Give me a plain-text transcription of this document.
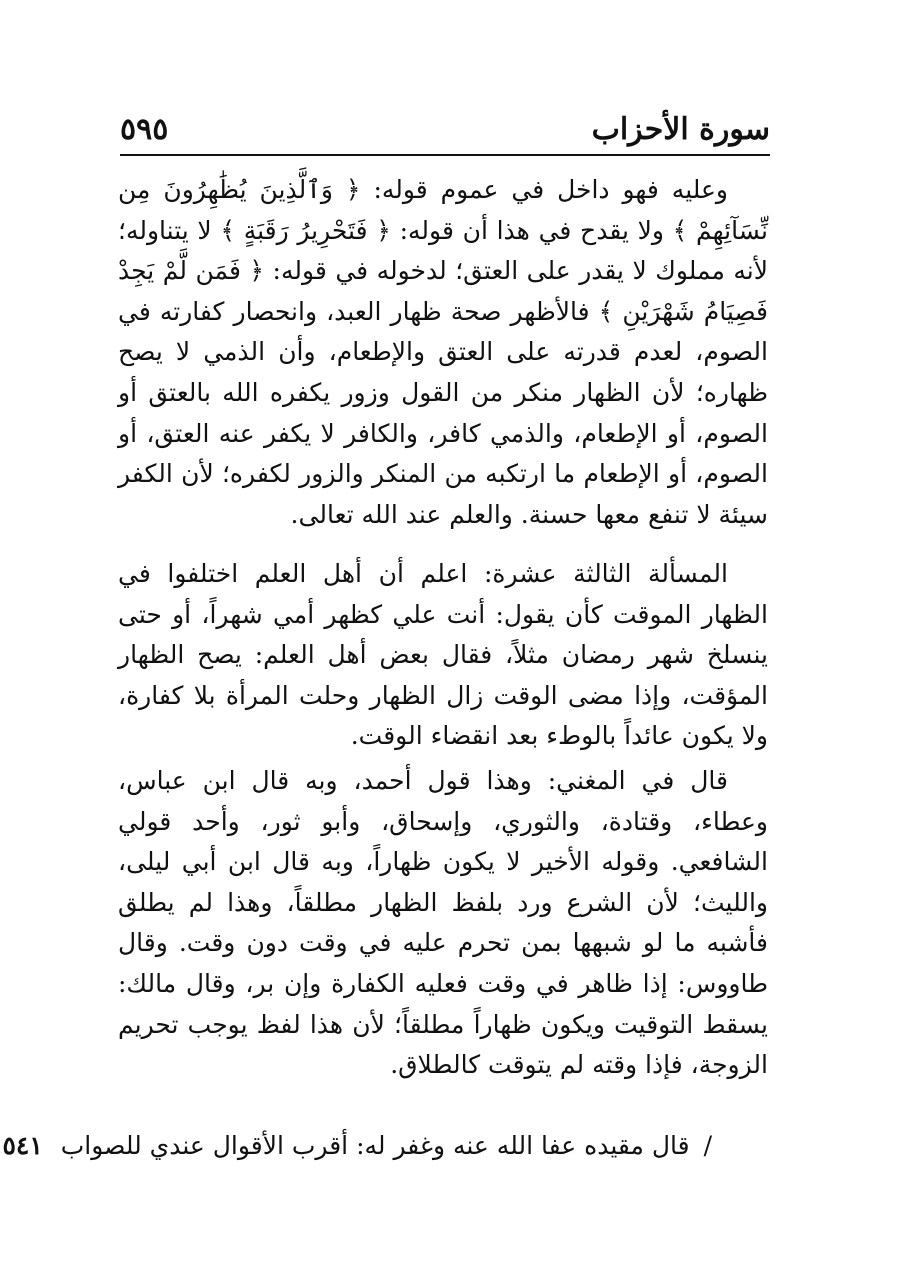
سورة الأحزاب
٥٩٥

وعليه فهو داخل في عموم قوله: ﴿ وَٱلَّذِينَ يُظَٰهِرُونَ مِن نِّسَآئِهِمْ ﴾ ولا يقدح في هذا أن قوله: ﴿ فَتَحْرِيرُ رَقَبَةٍ ﴾ لا يتناوله؛ لأنه مملوك لا يقدر على العتق؛ لدخوله في قوله: ﴿ فَمَن لَّمْ يَجِدْ فَصِيَامُ شَهْرَيْنِ ﴾ فالأظهر صحة ظهار العبد، وانحصار كفارته في الصوم، لعدم قدرته على العتق والإطعام، وأن الذمي لا يصح ظهاره؛ لأن الظهار منكر من القول وزور يكفره الله بالعتق أو الصوم، أو الإطعام، والذمي كافر، والكافر لا يكفر عنه العتق، أو الصوم، أو الإطعام ما ارتكبه من المنكر والزور لكفره؛ لأن الكفر سيئة لا تنفع معها حسنة. والعلم عند الله تعالى.

المسألة الثالثة عشرة: اعلم أن أهل العلم اختلفوا في الظهار الموقت كأن يقول: أنت علي كظهر أمي شهراً، أو حتى ينسلخ شهر رمضان مثلاً، فقال بعض أهل العلم: يصح الظهار المؤقت، وإذا مضى الوقت زال الظهار وحلت المرأة بلا كفارة، ولا يكون عائداً بالوطء بعد انقضاء الوقت.

قال في المغني: وهذا قول أحمد، وبه قال ابن عباس، وعطاء، وقتادة، والثوري، وإسحاق، وأبو ثور، وأحد قولي الشافعي. وقوله الأخير لا يكون ظهاراً، وبه قال ابن أبي ليلى، والليث؛ لأن الشرع ورد بلفظ الظهار مطلقاً، وهذا لم يطلق فأشبه ما لو شبهها بمن تحرم عليه في وقت دون وقت. وقال طاووس: إذا ظاهر في وقت فعليه الكفارة وإن بر، وقال مالك: يسقط التوقيت ويكون ظهاراً مطلقاً؛ لأن هذا لفظ يوجب تحريم الزوجة، فإذا وقته لم يتوقت كالطلاق.

/ قال مقيده عفا الله عنه وغفر له: أقرب الأقوال عندي للصواب ٥٤١
